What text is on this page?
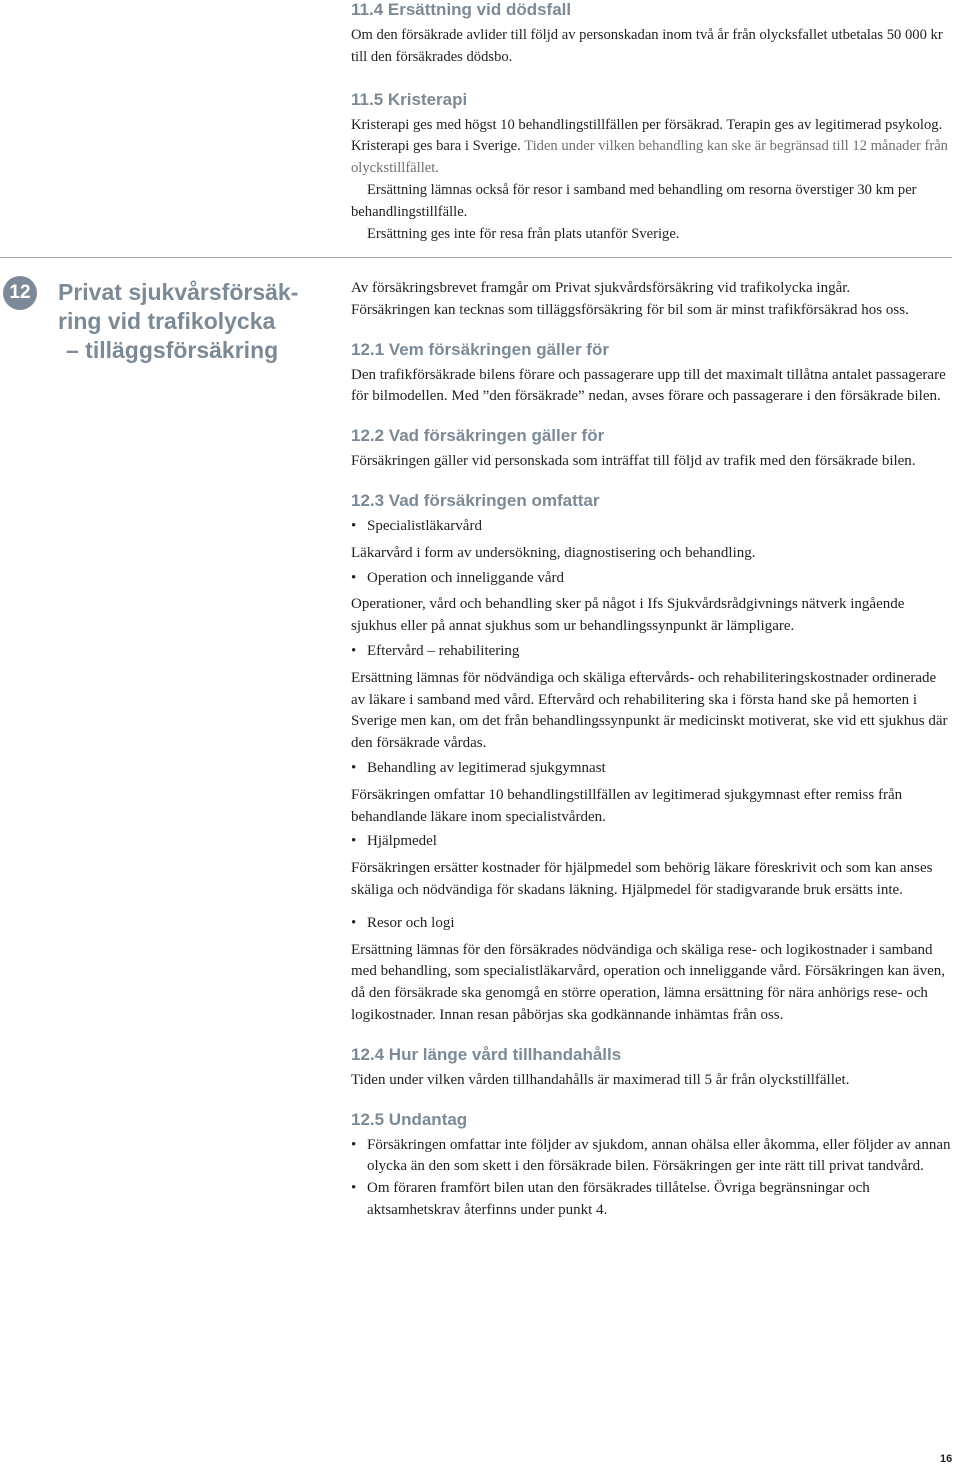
11.4 Ersättning vid dödsfall

Om den försäkrade avlider till följd av personskadan inom två år från olycksfallet utbetalas 50 000 kr till den försäkrades dödsbo.

11.5 Kristerapi

Kristerapi ges med högst 10 behandlingstillfällen per försäkrad. Terapin ges av legitimerad psykolog. Kristerapi ges bara i Sverige. Tiden under vilken behandling kan ske är begränsad till 12 månader från olyckstillfället.

Ersättning lämnas också för resor i samband med behandling om resorna överstiger 30 km per behandlingstillfälle.

Ersättning ges inte för resa från plats utanför Sverige.

12	Privat sjukvårsförsäk-
ring vid trafikolycka
– tilläggsförsäkring

Av försäkringsbrevet framgår om Privat sjukvårdsförsäkring vid trafikolycka ingår.

Försäkringen kan tecknas som tilläggsförsäkring för bil som är minst trafikförsäkrad hos oss.

12.1 Vem försäkringen gäller för

Den trafikförsäkrade bilens förare och passagerare upp till det maximalt tillåtna antalet passagerare för bilmodellen. Med ”den försäkrade” nedan, avses förare och passagerare i den försäkrade bilen.

12.2 Vad försäkringen gäller för

Försäkringen gäller vid personskada som inträffat till följd av trafik med den försäkrade bilen.

12.3 Vad försäkringen omfattar
• Specialistläkarvård

Läkarvård i form av undersökning, diagnostisering och behandling.

• Operation och inneliggande vård

Operationer, vård och behandling sker på något i Ifs Sjukvårdsrådgivnings nätverk ingående sjukhus eller på annat sjukhus som ur behandlingssynpunkt är lämpligare.

• Eftervård – rehabilitering

Ersättning lämnas för nödvändiga och skäliga eftervårds- och rehabiliteringskostnader ordinerade av läkare i samband med vård. Eftervård och rehabilitering ska i första hand ske på hemorten i Sverige men kan, om det från behandlingssynpunkt är medicinskt motiverat, ske vid ett sjukhus där den försäkrade vårdas.

• Behandling av legitimerad sjukgymnast

Försäkringen omfattar 10 behandlingstillfällen av legitimerad sjukgymnast efter remiss från behandlande läkare inom specialistvården.

• Hjälpmedel

Försäkringen ersätter kostnader för hjälpmedel som behörig läkare föreskrivit och som kan anses skäliga och nödvändiga för skadans läkning. Hjälpmedel för stadigvarande bruk ersätts inte.

• Resor och logi

Ersättning lämnas för den försäkrades nödvändiga och skäliga rese- och logikostnader i samband med behandling, som specialistläkarvård, operation och inneliggande vård. Försäkringen kan även, då den försäkrade ska genomgå en större operation, lämna ersättning för nära anhörigs rese- och logikostnader. Innan resan påbörjas ska godkännande inhämtas från oss.

12.4 Hur länge vård tillhandahålls

Tiden under vilken vården tillhandahålls är maximerad till 5 år från olyckstillfället.

12.5 Undantag
• Försäkringen omfattar inte följder av sjukdom, annan ohälsa eller åkomma, eller följder av annan olycka än den som skett i den försäkrade bilen. Försäkringen ger inte rätt till privat tandvård.
• Om föraren framfört bilen utan den försäkrades tillåtelse. Övriga begränsningar och aktsamhetskrav återfinns under punkt 4.
16
